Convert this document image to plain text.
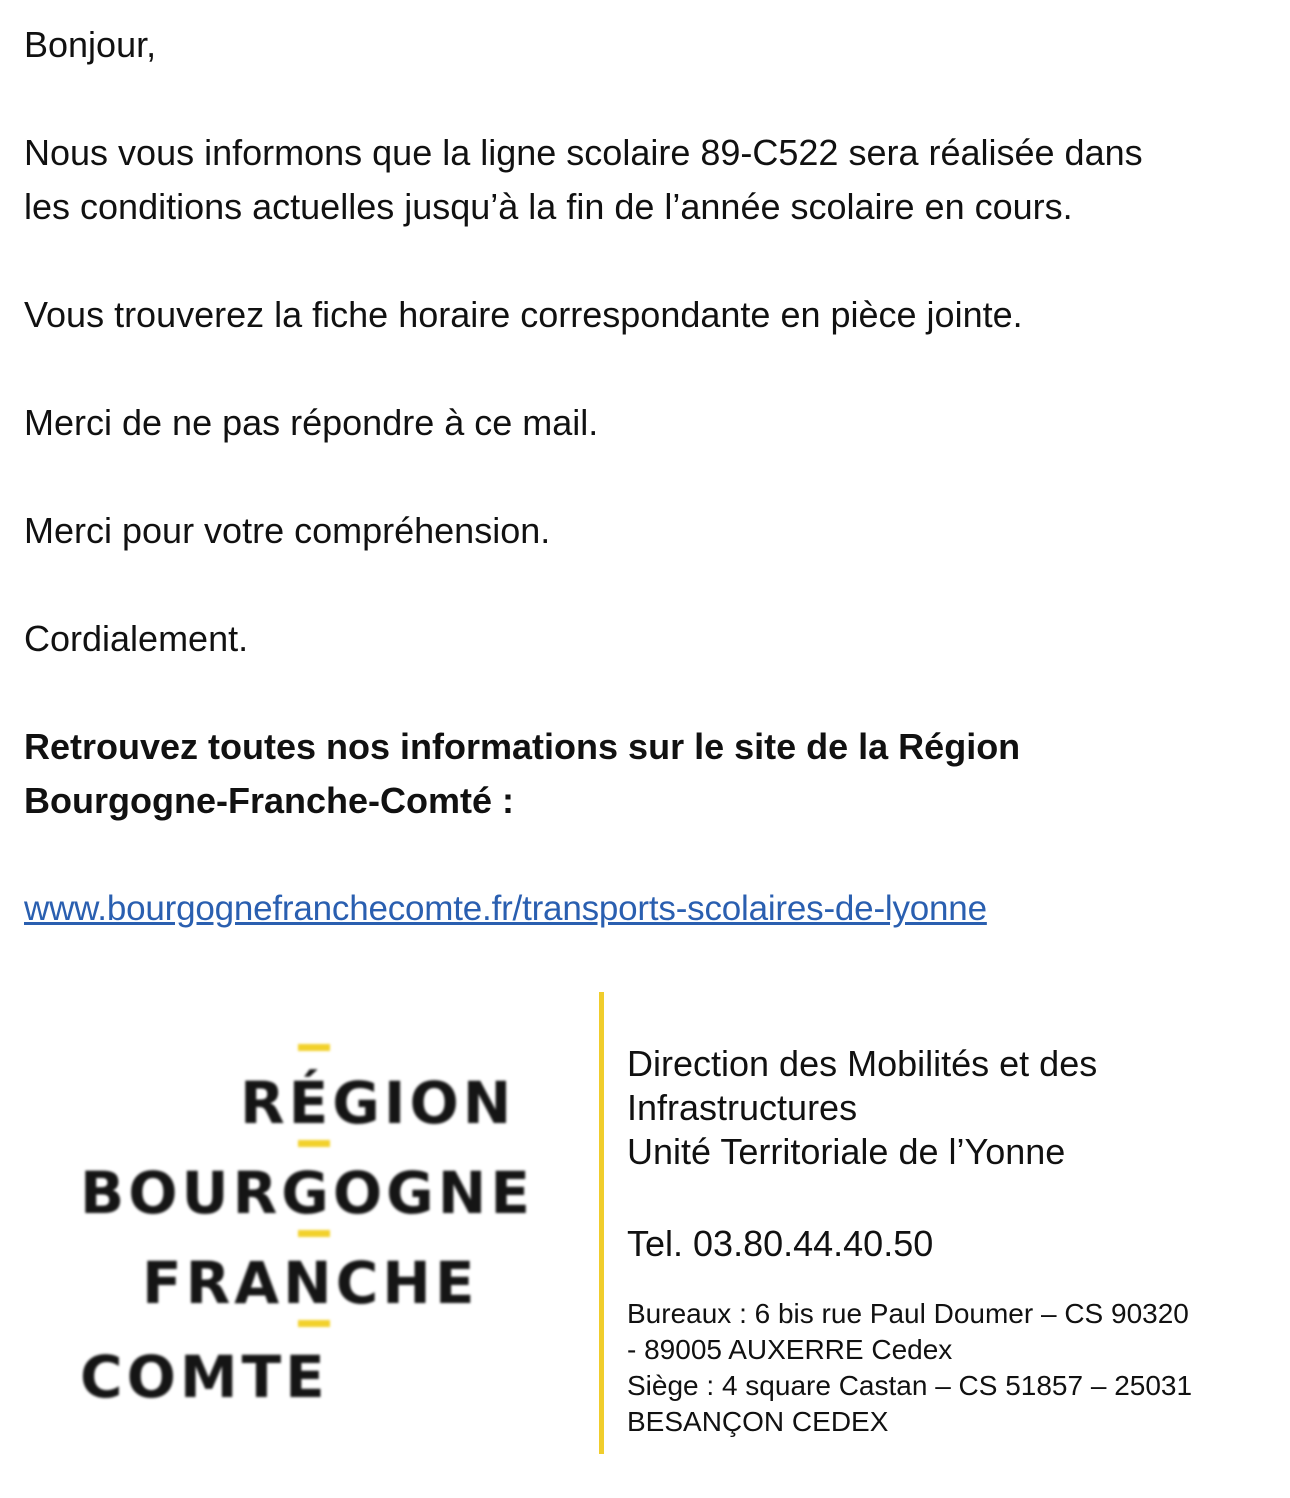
Bonjour,

Nous vous informons que la ligne scolaire 89-C522 sera réalisée dans les conditions actuelles jusqu’à la fin de l’année scolaire en cours.

Vous trouverez la fiche horaire correspondante en pièce jointe.

Merci de ne pas répondre à ce mail.

Merci pour votre compréhension.

Cordialement.

Retrouvez toutes nos informations sur le site de la Région Bourgogne-Franche-Comté :

www.bourgognefranchecomte.fr/transports-scolaires-de-lyonne
RÉGION
BOURGOGNE
FRANCHE
COMTE
Direction des Mobilités et des Infrastructures
Unité Territoriale de l’Yonne
Tel. 03.80.44.40.50
Bureaux : 6 bis rue Paul Doumer – CS 90320 - 89005 AUXERRE Cedex
Siège : 4 square Castan – CS 51857 – 25031 BESANÇON CEDEX
